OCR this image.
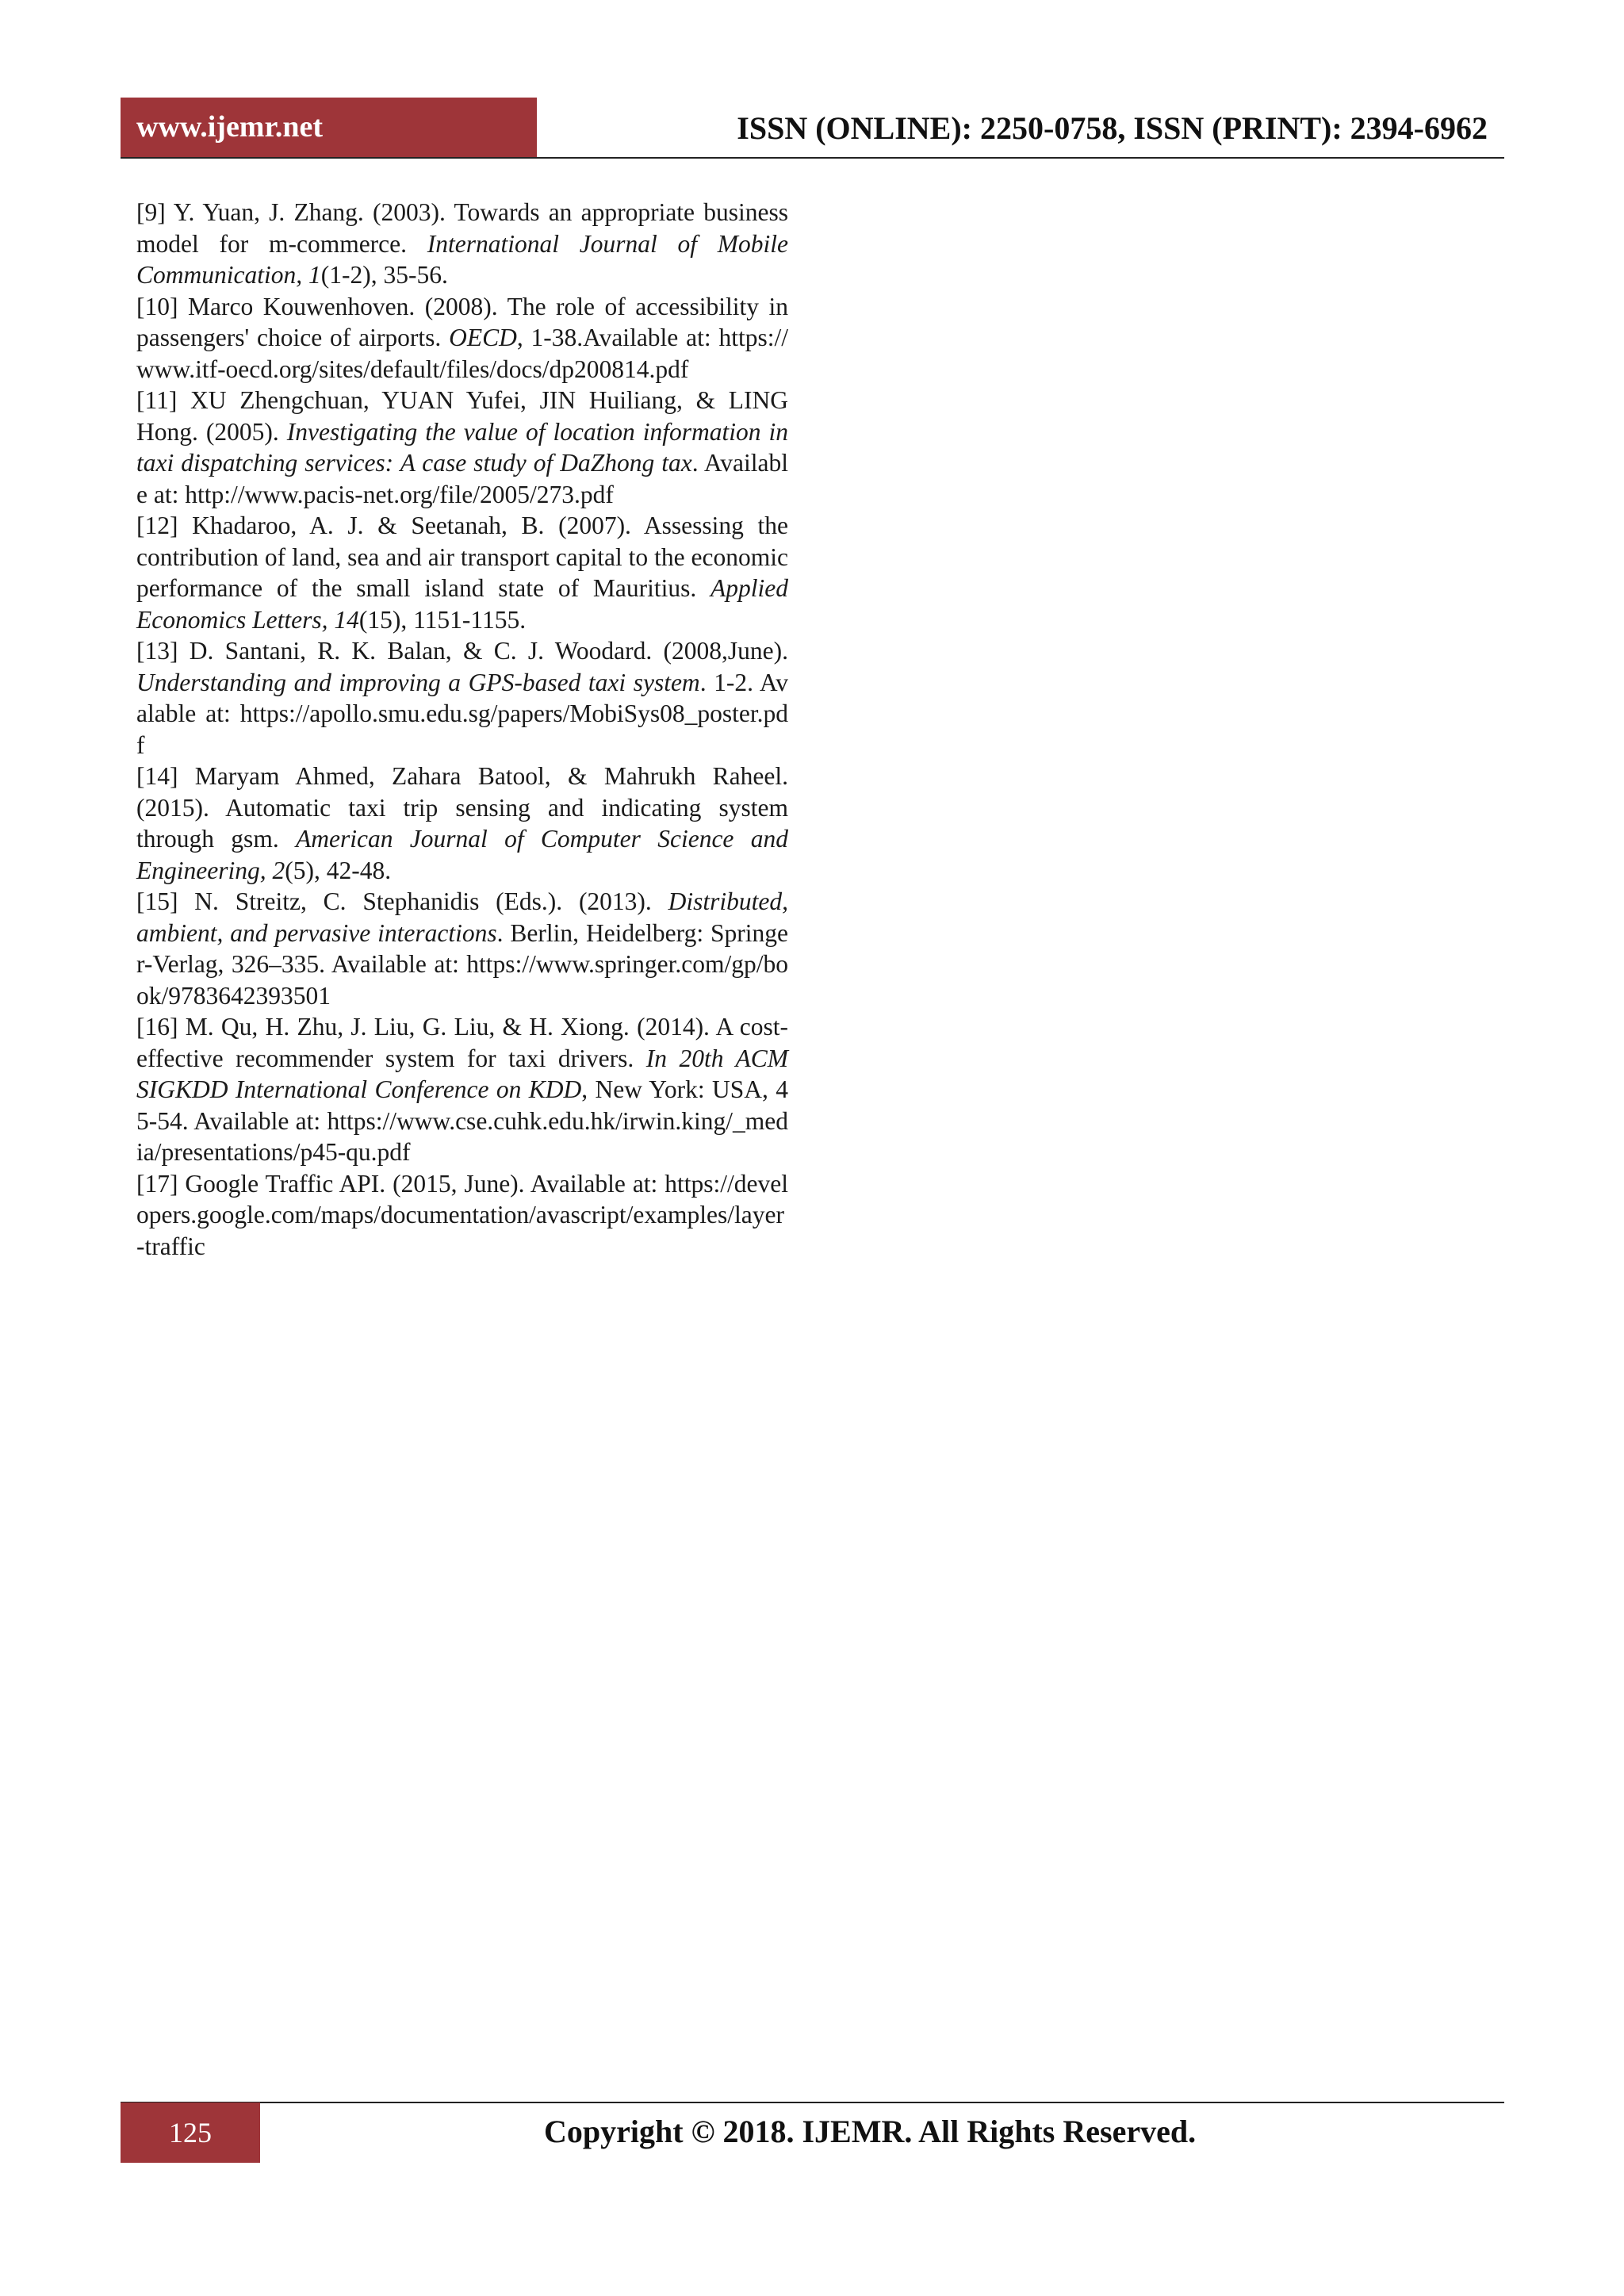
www.ijemr.net	ISSN (ONLINE): 2250-0758, ISSN (PRINT): 2394-6962

[9] Y. Yuan, J. Zhang. (2003). Towards an appropriate business model for m-commerce. International Journal of Mobile Communication, 1(1-2), 35-56.

[10] Marco Kouwenhoven. (2008). The role of accessibility in passengers' choice of airports. OECD, 1-38.Available at: https://www.itf-oecd.org/sites/default/files/docs/dp200814.pdf

[11] XU Zhengchuan, YUAN Yufei, JIN Huiliang, & LING Hong. (2005). Investigating the value of location information in taxi dispatching services: A case study of DaZhong tax. Available at: http://www.pacis-net.org/file/2005/273.pdf

[12] Khadaroo, A. J. & Seetanah, B. (2007). Assessing the contribution of land, sea and air transport capital to the economic performance of the small island state of Mauritius. Applied Economics Letters, 14(15), 1151-1155.

[13] D. Santani, R. K. Balan, & C. J. Woodard. (2008,June). Understanding and improving a GPS-based taxi system. 1-2. Avalable at: https://apollo.smu.edu.sg/papers/MobiSys08_poster.pdf

[14] Maryam Ahmed, Zahara Batool, & Mahrukh Raheel. (2015). Automatic taxi trip sensing and indicating system through gsm. American Journal of Computer Science and Engineering, 2(5), 42-48.

[15] N. Streitz, C. Stephanidis (Eds.). (2013). Distributed, ambient, and pervasive interactions. Berlin, Heidelberg: Springer-Verlag, 326–335. Available at: https://www.springer.com/gp/book/9783642393501

[16] M. Qu, H. Zhu, J. Liu, G. Liu, & H. Xiong. (2014). A cost-effective recommender system for taxi drivers. In 20th ACM SIGKDD International Conference on KDD, New York: USA, 45-54. Available at: https://www.cse.cuhk.edu.hk/irwin.king/_media/presentations/p45-qu.pdf

[17] Google Traffic API. (2015, June). Available at: https://developers.google.com/maps/documentation/avascript/examples/layer-traffic

125	Copyright © 2018. IJEMR. All Rights Reserved.
